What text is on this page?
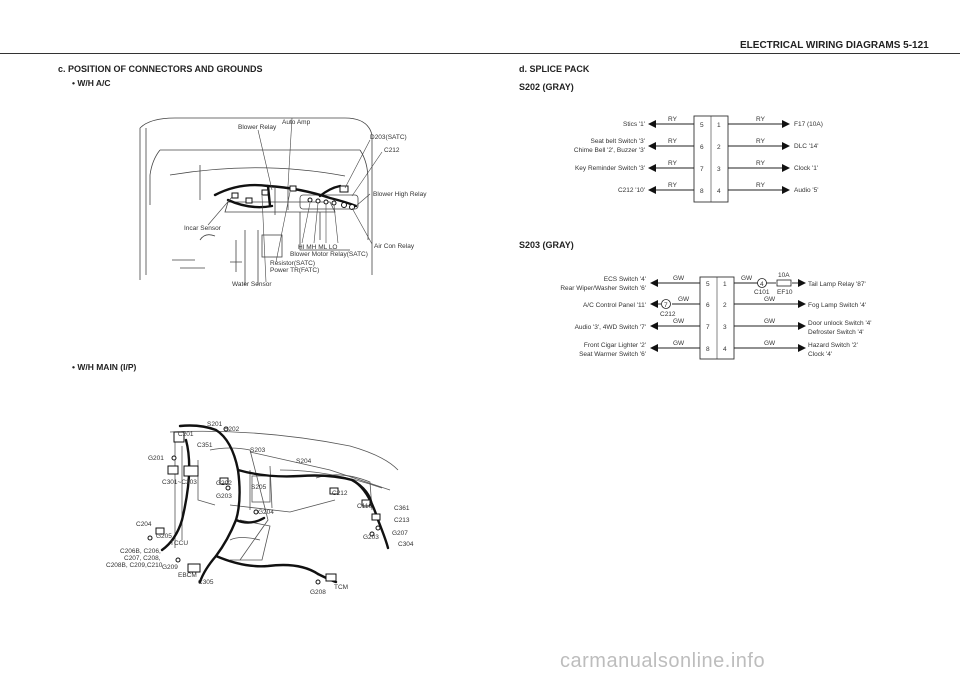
ELECTRICAL WIRING DIAGRAMS 5-121
c. POSITION OF CONNECTORS AND GROUNDS
• W/H A/C
• W/H MAIN (I/P)
d. SPLICE PACK
S202 (GRAY)
S203 (GRAY)
Blower Relay
Auto Amp
D203(SATC)
C212
Blower High Relay
Incar Sensor
Air Con Relay
HI MH ML LO
Blower Motor Relay(SATC)
Resistor(SATC)
Power TR(FATC)
Water Sensor
S201
S202
C201
C351
G201
C301~C303	G202
S203
S205
S204
G203	C212
C110
G204
C361
C213
C204
G205
TCCU
G207
G203
C304
C206B, C206,
C207, C208,
C208B, C209,C210 G209
EBCM
C305
TCM
G208
5
6
7
8
1
2
3
4
RY
RY
RY
RY
RY
RY
RY
RY
Stics '1'
Seat belt Switch '3'
Chime Bell '2', Buzzer '3'
Key Reminder Switch '3'
C212 '10'
F17 (10A)
DLC '14'
Clock '1'
Audio '5'
7
C212
4
C101
10A
EF10
5
6
7
8
1
2
3
4
GW
GW
GW
GW
GW
GW
GW
GW
ECS Switch '4'
Rear Wiper/Washer Switch '6'
A/C Control Panel '11'
Audio '3', 4WD Switch '7'
Front Cigar Lighter '2'
Seat Warmer Switch '6'
Tail Lamp Relay '87'
Fog Lamp Switch '4'
Door unlock Switch '4'
Defroster Switch '4'
Hazard Switch '2'
Clock '4'
carmanualsonline.info
